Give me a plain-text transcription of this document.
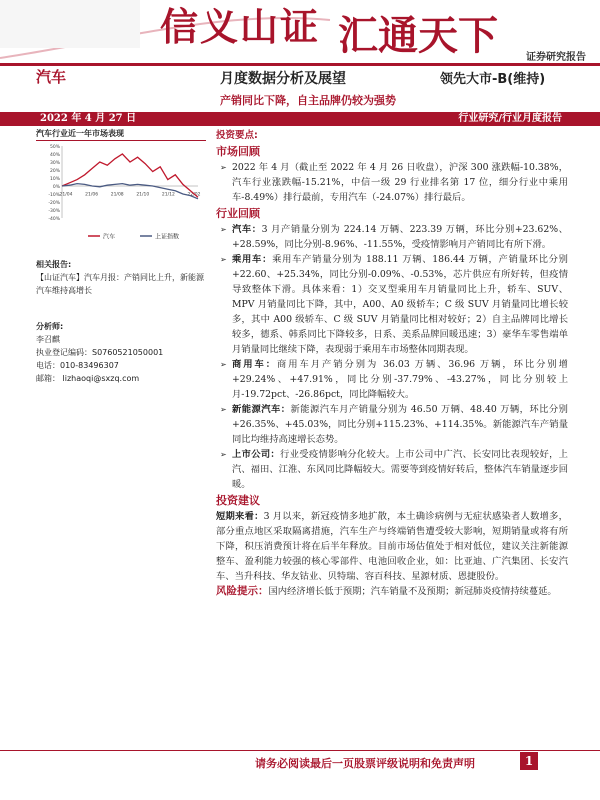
信义山证 汇通天下	证券研究报告
汽车	月度数据分析及展望	领先大市-B(维持)
产销同比下降，自主品牌仍较为强势
2022 年 4 月 27 日	行业研究/行业月度报告
汽车行业近一年市场表现
50%
40%
30%
20%
10%
0%
-10%
-20%
-30%
-40%
21/04	21/06	21/08	21/10	21/12	22/02
汽车	上证指数
相关报告:
【山证汽车】汽车月报：产销同比上升，新能源汽车维持高增长
分析师:
李召麒
执业登记编码：S0760521050001
电话：010-83496307
邮箱： lizhaoqi@sxzq.com
投资要点:
市场回顾

➢ 2022 年 4 月（截止至 2022 年 4 月 26 日收盘），沪深 300 涨跌幅-10.38%，汽车行业涨跌幅-15.21%，中信一级 29 行业排名第 17 位，细分行业中乘用车-8.49%）排行最前，专用汽车（-24.07%）排行最后。

行业回顾

➢ 汽车：3 月产销量分别为 224.14 万辆、223.39 万辆，环比分别+23.62%、+28.59%，同比分别-8.96%、-11.55%，受疫情影响月产销同比有所下滑。

➢ 乘用车：乘用车产销量分别为 188.11 万辆、186.44 万辆，产销量环比分别+22.60、+25.34%，同比分别-0.09%、-0.53%，芯片供应有所好转，但疫情导致整体下滑。具体来看：1）交叉型乘用车月销量同比上升，轿车、SUV、MPV 月销量同比下降，其中，A00、A0 级轿车；C 级 SUV 月销量同比增长较多，其中 A00 级轿车、C 级 SUV 月销量同比相对较好；2）自主品牌同比增长较多，德系、韩系同比下降较多，日系、美系品牌回暖迅速；3）豪华车零售端单月销量同比继续下降，表现弱于乘用车市场整体同期表现。

➢ 商用车：商用车月产销分别为 36.03 万辆、36.96 万辆，环比分别增+29.24%、+47.91%，同比分别-37.79%、-43.27%，同比分别较上月-19.72pct、-26.86pct，同比降幅较大。

➢ 新能源汽车：新能源汽车月产销量分别为 46.50 万辆、48.40 万辆，环比分别+26.35%、+45.03%，同比分别+115.23%、+114.35%。新能源汽车产销量同比均维持高速增长态势。

➢ 上市公司：行业受疫情影响分化较大。上市公司中广汽、长安同比表现较好，上汽、福田、江淮、东风同比降幅较大。需要等到疫情好转后，整体汽车销量逐步回暖。

投资建议

短期来看：3 月以来，新冠疫情多地扩散，本土确诊病例与无症状感染者人数增多，部分重点地区采取隔离措施，汽车生产与终端销售遭受较大影响，短期销量或将有所下降，积压消费预计将在后半年释放。目前市场估值处于相对低位，建议关注新能源整车、盈利能力较强的核心零部件、电池回收企业，如：比亚迪、广汽集团、长安汽车、当升科技、华友钴业、贝特瑞、容百科技、星源材质、恩捷股份。

风险提示：国内经济增长低于预期；汽车销量不及预期；新冠肺炎疫情持续蔓延。

请务必阅读最后一页股票评级说明和免责声明	1
